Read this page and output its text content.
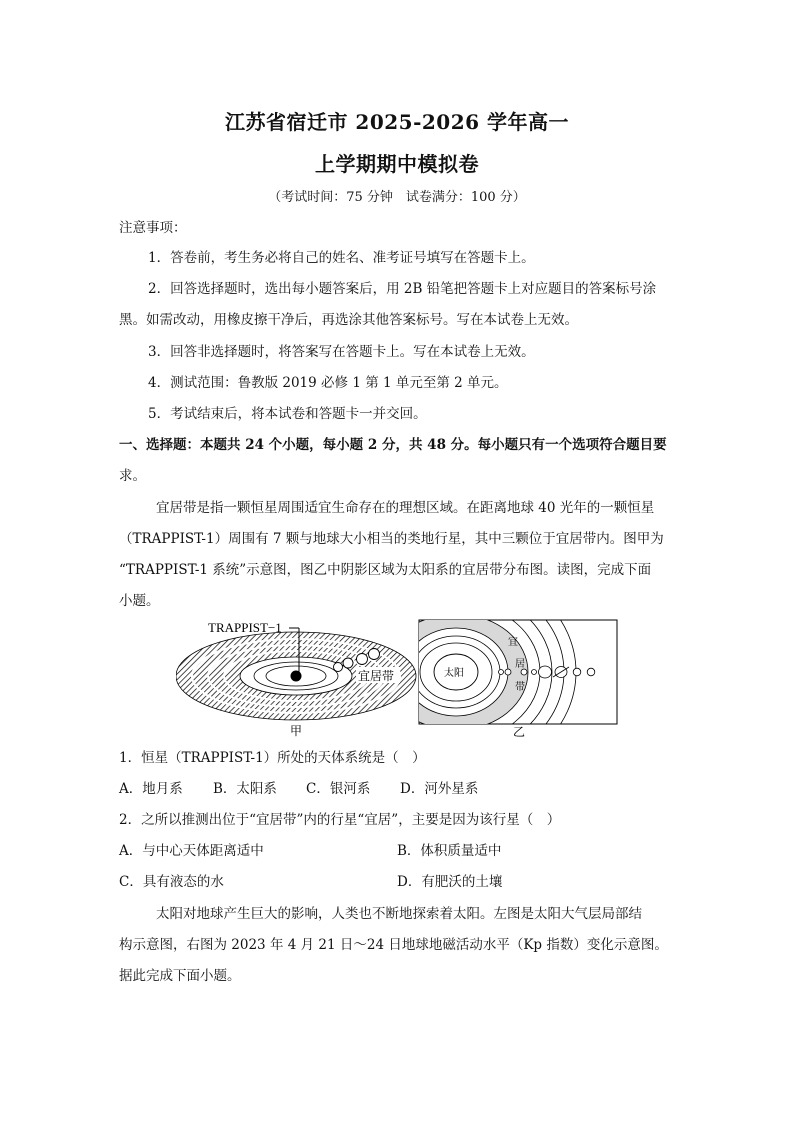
江苏省宿迁市 2025-2026 学年高一
上学期期中模拟卷
（考试时间：75 分钟　试卷满分：100 分）
注意事项：
1．答卷前，考生务必将自己的姓名、准考证号填写在答题卡上。
2．回答选择题时，选出每小题答案后，用 2B 铅笔把答题卡上对应题目的答案标号涂
黑。如需改动，用橡皮擦干净后，再选涂其他答案标号。写在本试卷上无效。
3．回答非选择题时，将答案写在答题卡上。写在本试卷上无效。
4．测试范围：鲁教版 2019 必修 1 第 1 单元至第 2 单元。
5．考试结束后，将本试卷和答题卡一并交回。
一、选择题：本题共 24 个小题，每小题 2 分，共 48 分。每小题只有一个选项符合题目要
求。
宜居带是指一颗恒星周围适宜生命存在的理想区域。在距离地球 40 光年的一颗恒星
（TRAPPIST-1）周围有 7 颗与地球大小相当的类地行星，其中三颗位于宜居带内。图甲为
“TRAPPIST-1 系统”示意图，图乙中阴影区域为太阳系的宜居带分布图。读图，完成下面
小题。
TRAPPIST−1
宜居带
甲
太阳
宜
居
带
乙
1．恒星（TRAPPIST-1）所处的天体系统是（　）
A．地月系 B．太阳系 C．银河系 D．河外星系
2．之所以推测出位于“宜居带”内的行星“宜居”，主要是因为该行星（　）
A．与中心天体距离适中	B．体积质量适中
C．具有液态的水	D．有肥沃的土壤
太阳对地球产生巨大的影响，人类也不断地探索着太阳。左图是太阳大气层局部结
构示意图，右图为 2023 年 4 月 21 日～24 日地球地磁活动水平（Kp 指数）变化示意图。
据此完成下面小题。
